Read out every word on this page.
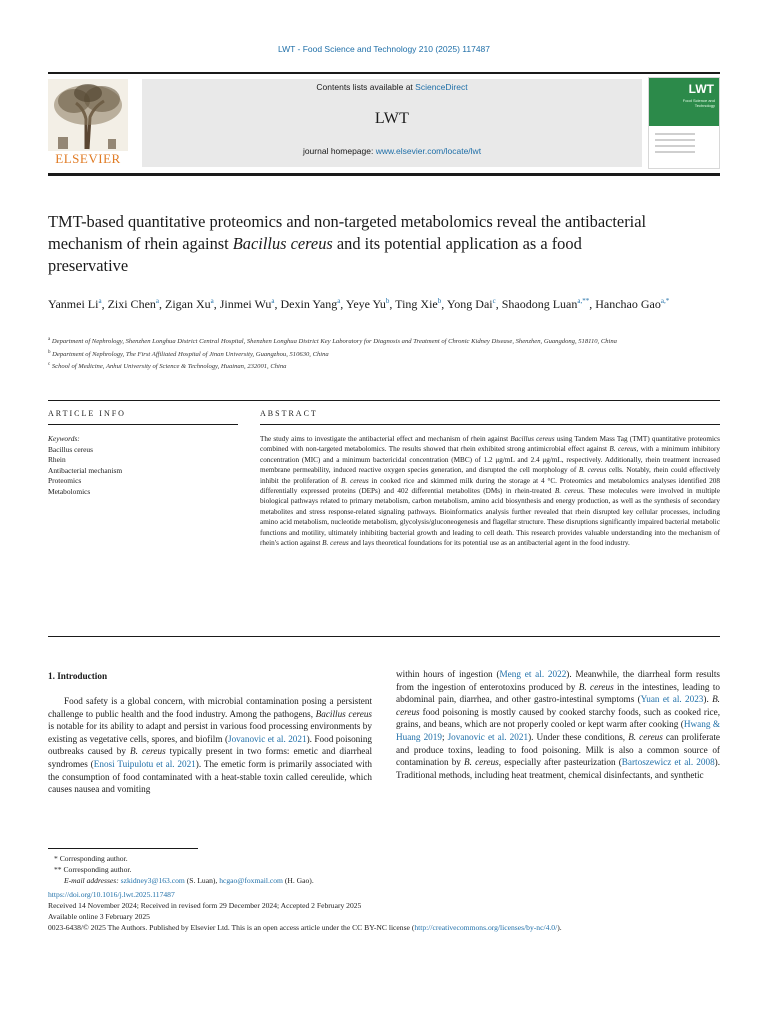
LWT - Food Science and Technology 210 (2025) 117487
ELSEVIER
Contents lists available at ScienceDirect
LWT
journal homepage: www.elsevier.com/locate/lwt
LWT
Food Science and Technology
TMT-based quantitative proteomics and non-targeted metabolomics reveal the antibacterial mechanism of rhein against Bacillus cereus and its potential application as a food preservative
Yanmei Li$^a$, Zixi Chen$^a$, Zigan Xu$^a$, Jinmei Wu$^a$, Dexin Yang$^a$, Yeye Yu$^b$, Ting Xie$^b$, Yong Dai$^c$, Shaodong Luan$^{a,**}$, Hanchao Gao$^{a,*}$
$^a$ Department of Nephrology, Shenzhen Longhua District Central Hospital, Shenzhen Longhua District Key Laboratory for Diagnosis and Treatment of Chronic Kidney Disease, Shenzhen, Guangdong, 518110, China
$^b$ Department of Nephrology, The First Affiliated Hospital of Jinan University, Guangzhou, 510630, China
$^c$ School of Medicine, Anhui University of Science & Technology, Huainan, 232001, China
ARTICLE INFO	ABSTRACT
Keywords:
Bacillus cereus
Rhein
Antibacterial mechanism
Proteomics
Metabolomics
The study aims to investigate the antibacterial effect and mechanism of rhein against Bacillus cereus using Tandem Mass Tag (TMT) quantitative proteomics combined with non-targeted metabolomics. The results showed that rhein exhibited strong antimicrobial effect against B. cereus, with a minimum inhibitory concentration (MIC) and a minimum bactericidal concentration (MBC) of 1.2 μg/mL and 2.4 μg/mL, respectively. Additionally, rhein treatment increased membrane permeability, induced reactive oxygen species generation, and disrupted the cell morphology of B. cereus cells. Notably, rhein could effectively inhibit the proliferation of B. cereus in cooked rice and skimmed milk during the storage at 4 °C. Proteomics and metabolomics analyses identified 208 differentially expressed proteins (DEPs) and 402 differential metabolites (DMs) in rhein-treated B. cereus. These molecules were involved in multiple biological pathways related to primary metabolism, carbon metabolism, amino acid biosynthesis and energy production, as well as the synthesis of secondary metabolites and stress response-related signaling pathways. Bioinformatics analysis further revealed that rhein disrupted key cellular processes, including amino acid metabolism, nucleotide metabolism, glycolysis/gluconeogenesis and flagellar structure. These disruptions significantly impaired bacterial metabolic functions and motility, ultimately inhibiting bacterial growth and leading to cell death. This research provides valuable understanding into the mechanism of rhein's action against B. cereus and lays theoretical foundations for its potential use as an antibacterial agent in the food industry.
1. Introduction
Food safety is a global concern, with microbial contamination posing a persistent challenge to public health and the food industry. Among the pathogens, Bacillus cereus is notable for its ability to adapt and persist in various food processing environments by existing as vegetative cells, spores, and biofilm (Jovanovic et al. 2021). Food poisoning outbreaks caused by B. cereus typically present in two forms: emetic and diarrheal syndromes (Enosi Tuipulotu et al. 2021). The emetic form is primarily associated with the consumption of food contaminated with a heat-stable toxin called cereulide, which causes nausea and vomiting
within hours of ingestion (Meng et al. 2022). Meanwhile, the diarrheal form results from the ingestion of enterotoxins produced by B. cereus in the intestines, leading to abdominal pain, diarrhea, and other gastro-intestinal symptoms (Yuan et al. 2023). B. cereus food poisoning is mostly caused by cooked starchy foods, such as cooked rice, grains, and beans, which are not properly cooled or kept warm after cooking (Hwang & Huang 2019; Jovanovic et al. 2021). Under these conditions, B. cereus can proliferate and produce toxins, leading to food poisoning. Milk is also a common source of contamination by B. cereus, especially after pasteurization (Bartoszewicz et al. 2008). Traditional methods, including heat treatment, chemical disinfectants, and synthetic
* Corresponding author.
** Corresponding author.
E-mail addresses: szkidney3@163.com (S. Luan), hcgao@foxmail.com (H. Gao).
https://doi.org/10.1016/j.lwt.2025.117487
Received 14 November 2024; Received in revised form 29 December 2024; Accepted 2 February 2025
Available online 3 February 2025
0023-6438/© 2025 The Authors. Published by Elsevier Ltd. This is an open access article under the CC BY-NC license (http://creativecommons.org/licenses/by-nc/4.0/).
